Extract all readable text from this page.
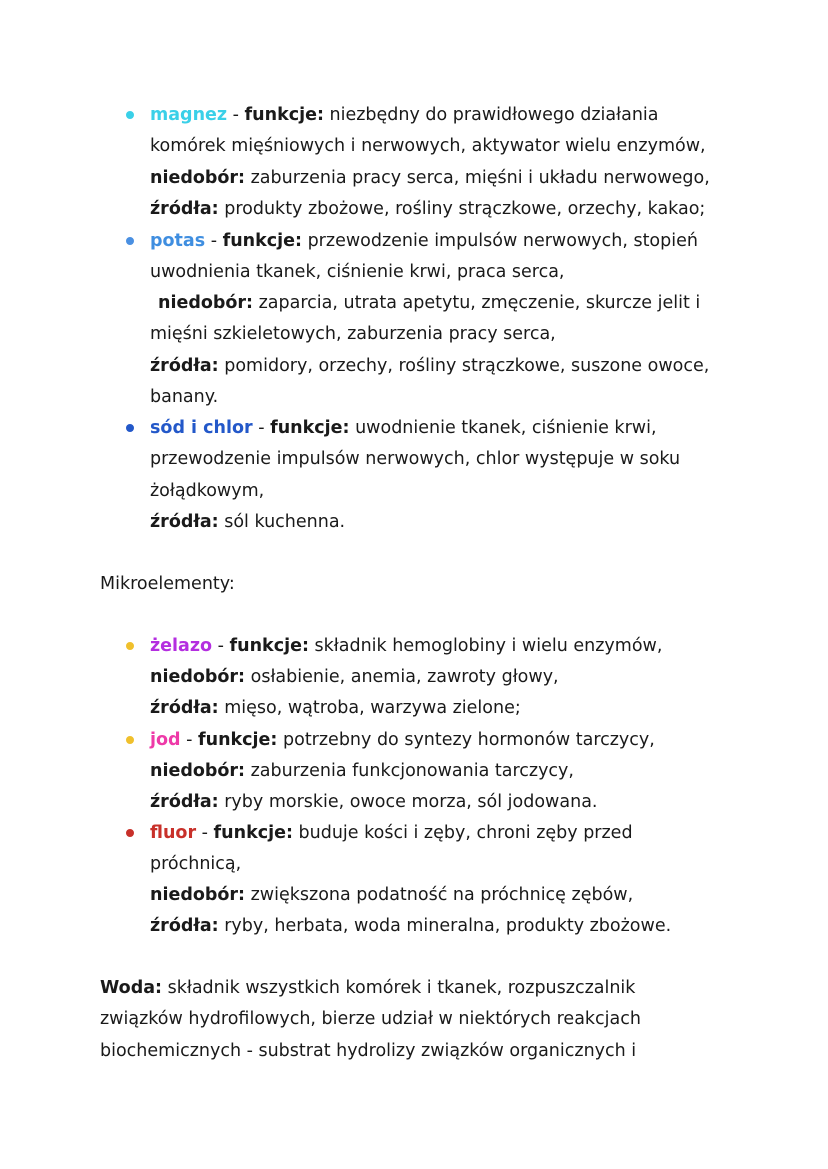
magnez - funkcje: niezbędny do prawidłowego działania
komórek mięśniowych i nerwowych, aktywator wielu enzymów,
niedobór: zaburzenia pracy serca, mięśni i układu nerwowego,
źródła: produkty zbożowe, rośliny strączkowe, orzechy, kakao;
potas - funkcje: przewodzenie impulsów nerwowych, stopień
uwodnienia tkanek, ciśnienie krwi, praca serca,
niedobór: zaparcia, utrata apetytu, zmęczenie, skurcze jelit i
mięśni szkieletowych, zaburzenia pracy serca,
źródła: pomidory, orzechy, rośliny strączkowe, suszone owoce,
banany.
sód i chlor - funkcje: uwodnienie tkanek, ciśnienie krwi,
przewodzenie impulsów nerwowych, chlor występuje w soku
żołądkowym,
źródła: sól kuchenna.
Mikroelementy:
żelazo - funkcje: składnik hemoglobiny i wielu enzymów,
niedobór: osłabienie, anemia, zawroty głowy,
źródła: mięso, wątroba, warzywa zielone;
jod - funkcje: potrzebny do syntezy hormonów tarczycy,
niedobór: zaburzenia funkcjonowania tarczycy,
źródła: ryby morskie, owoce morza, sól jodowana.
fluor - funkcje: buduje kości i zęby, chroni zęby przed
próchnicą,
niedobór: zwiększona podatność na próchnicę zębów,
źródła: ryby, herbata, woda mineralna, produkty zbożowe.
Woda: składnik wszystkich komórek i tkanek, rozpuszczalnik
związków hydrofilowych, bierze udział w niektórych reakcjach
biochemicznych - substrat hydrolizy związków organicznych i
